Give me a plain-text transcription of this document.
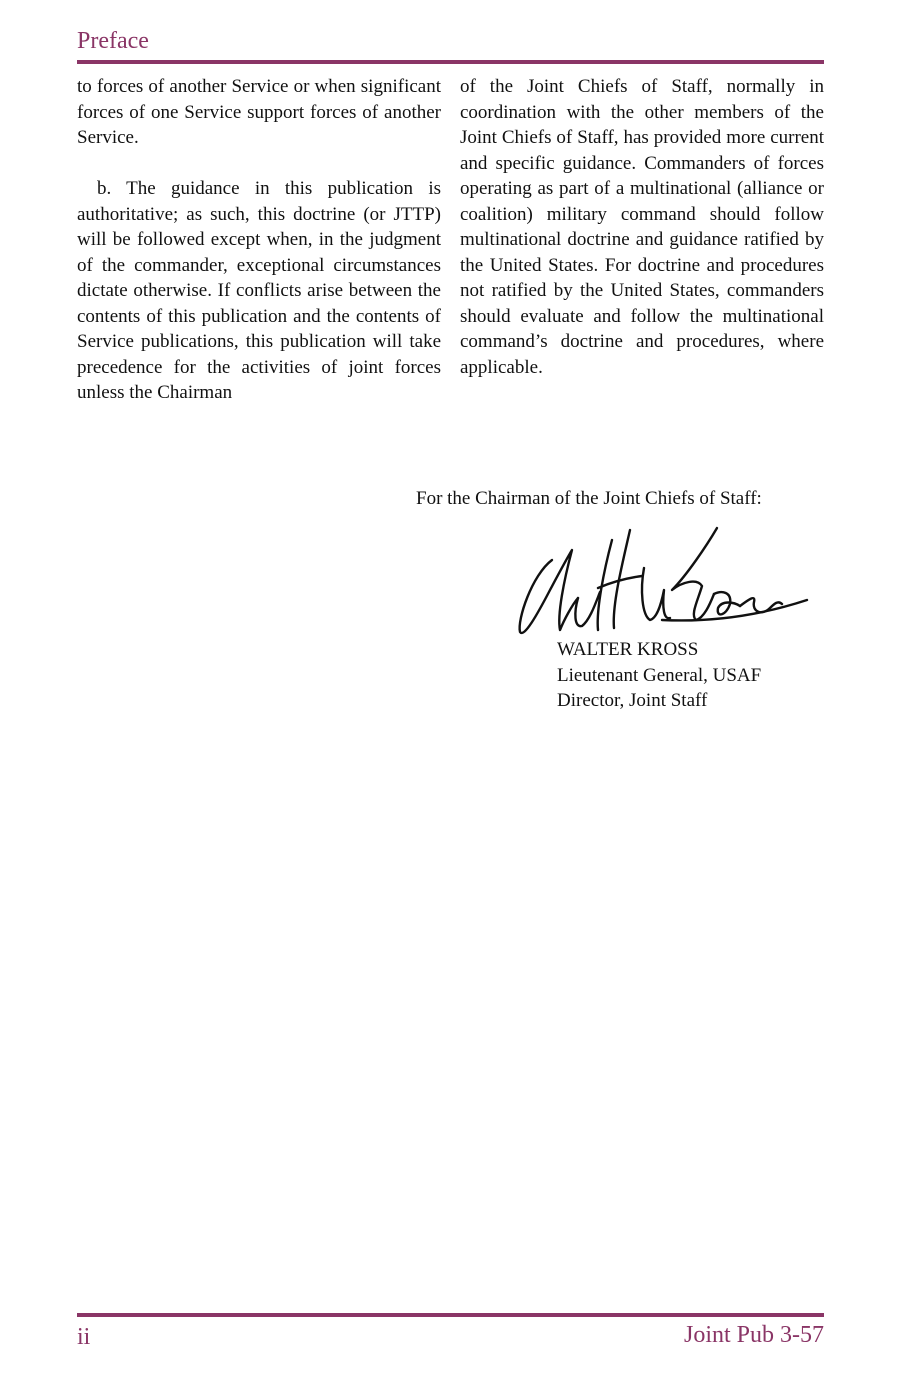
Preface

to forces of another Service or when significant forces of one Service support forces of another Service.

b. The guidance in this publication is authoritative; as such, this doctrine (or JTTP) will be followed except when, in the judgment of the commander, exceptional circumstances dictate otherwise. If conflicts arise between the contents of this publication and the contents of Service publications, this publication will take precedence for the activities of joint forces unless the Chairman

of the Joint Chiefs of Staff, normally in coordination with the other members of the Joint Chiefs of Staff, has provided more current and specific guidance. Commanders of forces operating as part of a multinational (alliance or coalition) military command should follow multinational doctrine and guidance ratified by the United States. For doctrine and procedures not ratified by the United States, commanders should evaluate and follow the multinational command’s doctrine and procedures, where applicable.

For the Chairman of the Joint Chiefs of Staff:
WALTER KROSS
Lieutenant General, USAF
Director, Joint Staff
ii	Joint Pub 3-57
